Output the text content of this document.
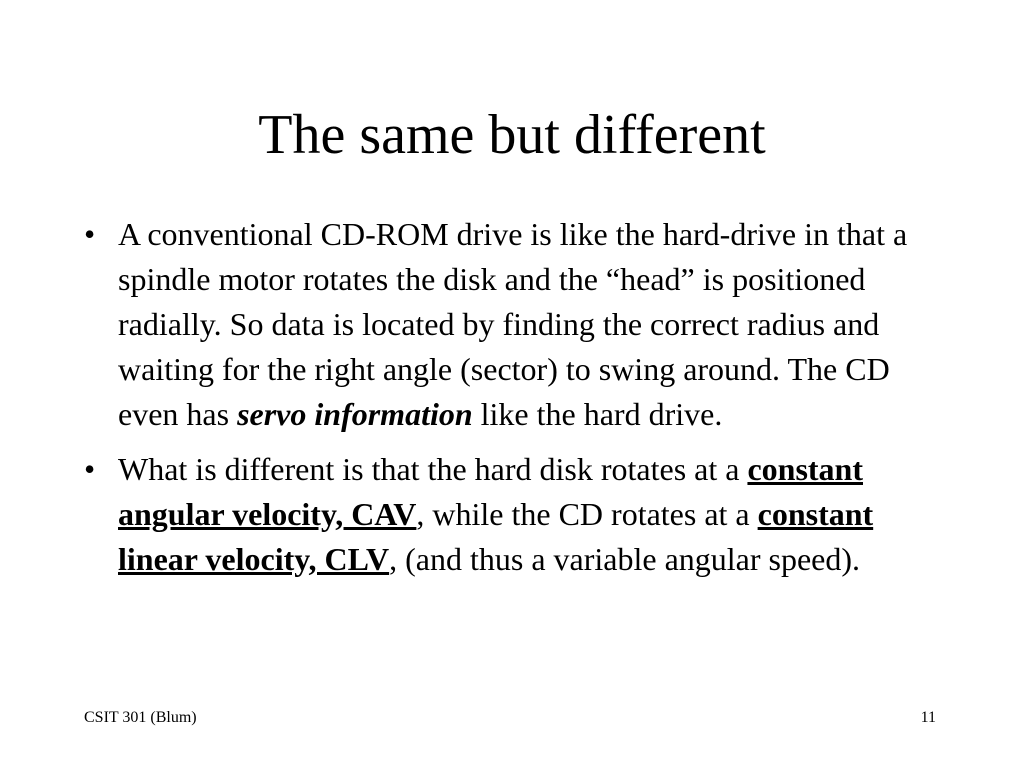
The same but different
• A conventional CD-ROM drive is like the hard-drive in that a spindle motor rotates the disk and the “head” is positioned radially. So data is located by finding the correct radius and waiting for the right angle (sector) to swing around. The CD even has servo information like the hard drive.
• What is different is that the hard disk rotates at a constant angular velocity, CAV, while the CD rotates at a constant linear velocity, CLV, (and thus a variable angular speed).
CSIT 301 (Blum)	11
